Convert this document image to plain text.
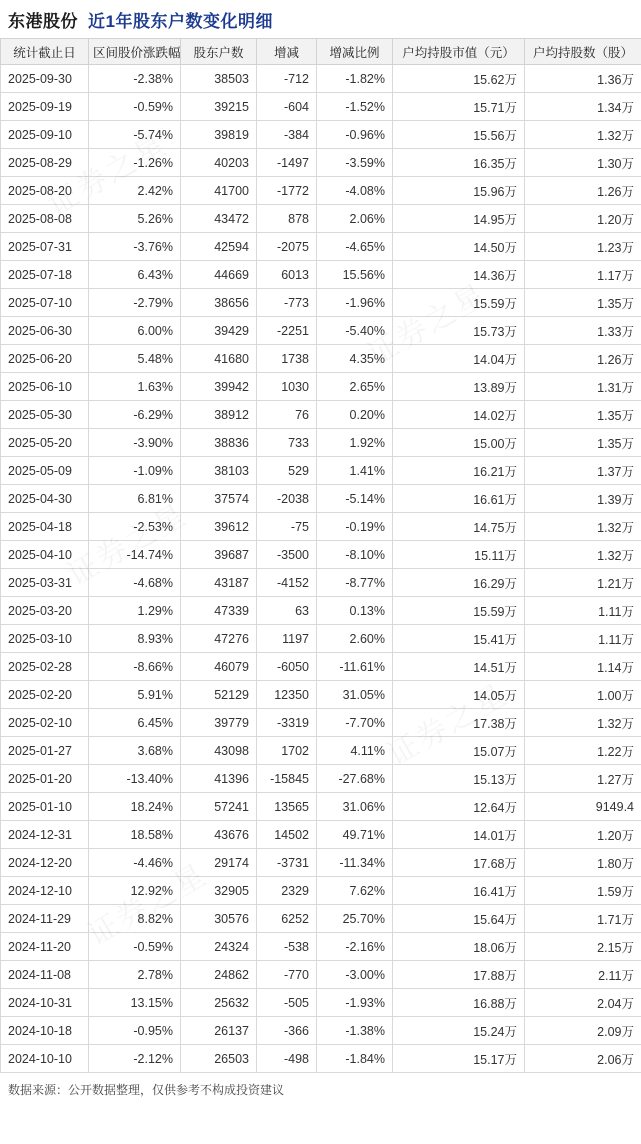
东港股份 近1年股东户数变化明细
统计截止日	区间股价涨跌幅	股东户数	增减	增减比例	户均持股市值（元）	户均持股数（股）
2025-09-30	-2.38%	38503	-712	-1.82%	15.62万	1.36万
2025-09-19	-0.59%	39215	-604	-1.52%	15.71万	1.34万
2025-09-10	-5.74%	39819	-384	-0.96%	15.56万	1.32万
2025-08-29	-1.26%	40203	-1497	-3.59%	16.35万	1.30万
2025-08-20	2.42%	41700	-1772	-4.08%	15.96万	1.26万
2025-08-08	5.26%	43472	878	2.06%	14.95万	1.20万
2025-07-31	-3.76%	42594	-2075	-4.65%	14.50万	1.23万
2025-07-18	6.43%	44669	6013	15.56%	14.36万	1.17万
2025-07-10	-2.79%	38656	-773	-1.96%	15.59万	1.35万
2025-06-30	6.00%	39429	-2251	-5.40%	15.73万	1.33万
2025-06-20	5.48%	41680	1738	4.35%	14.04万	1.26万
2025-06-10	1.63%	39942	1030	2.65%	13.89万	1.31万
2025-05-30	-6.29%	38912	76	0.20%	14.02万	1.35万
2025-05-20	-3.90%	38836	733	1.92%	15.00万	1.35万
2025-05-09	-1.09%	38103	529	1.41%	16.21万	1.37万
2025-04-30	6.81%	37574	-2038	-5.14%	16.61万	1.39万
2025-04-18	-2.53%	39612	-75	-0.19%	14.75万	1.32万
2025-04-10	-14.74%	39687	-3500	-8.10%	15.11万	1.32万
2025-03-31	-4.68%	43187	-4152	-8.77%	16.29万	1.21万
2025-03-20	1.29%	47339	63	0.13%	15.59万	1.11万
2025-03-10	8.93%	47276	1197	2.60%	15.41万	1.11万
2025-02-28	-8.66%	46079	-6050	-11.61%	14.51万	1.14万
2025-02-20	5.91%	52129	12350	31.05%	14.05万	1.00万
2025-02-10	6.45%	39779	-3319	-7.70%	17.38万	1.32万
2025-01-27	3.68%	43098	1702	4.11%	15.07万	1.22万
2025-01-20	-13.40%	41396	-15845	-27.68%	15.13万	1.27万
2025-01-10	18.24%	57241	13565	31.06%	12.64万	9149.4
2024-12-31	18.58%	43676	14502	49.71%	14.01万	1.20万
2024-12-20	-4.46%	29174	-3731	-11.34%	17.68万	1.80万
2024-12-10	12.92%	32905	2329	7.62%	16.41万	1.59万
2024-11-29	8.82%	30576	6252	25.70%	15.64万	1.71万
2024-11-20	-0.59%	24324	-538	-2.16%	18.06万	2.15万
2024-11-08	2.78%	24862	-770	-3.00%	17.88万	2.11万
2024-10-31	13.15%	25632	-505	-1.93%	16.88万	2.04万
2024-10-18	-0.95%	26137	-366	-1.38%	15.24万	2.09万
2024-10-10	-2.12%	26503	-498	-1.84%	15.17万	2.06万
数据来源：公开数据整理，仅供参考不构成投资建议
